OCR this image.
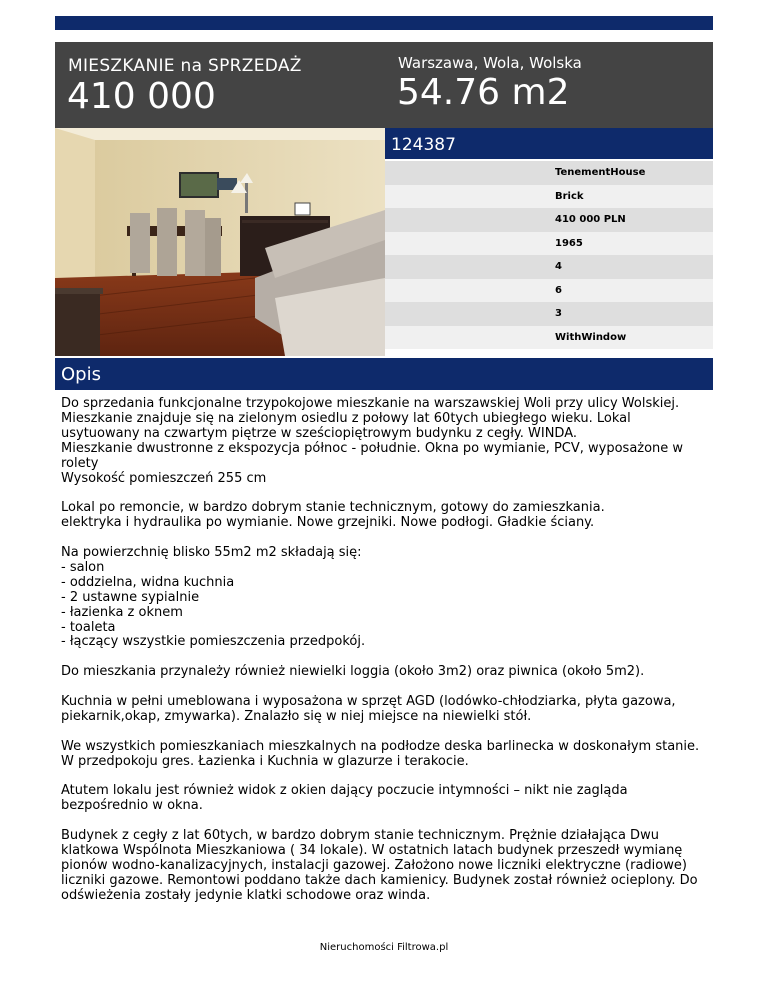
MIESZKANIE na SPRZEDAŻ
410 000
Warszawa, Wola, Wolska
54.76 m2
124387
TenementHouse
Brick
410 000 PLN
1965
4
6
3
WithWindow
Opis

Do sprzedania funkcjonalne trzypokojowe mieszkanie na warszawskiej Woli przy ulicy Wolskiej.
Mieszkanie znajduje się na zielonym osiedlu z połowy lat 60tych ubiegłego wieku. Lokal usytuowany na czwartym piętrze w sześciopiętrowym budynku z cegły. WINDA.
Mieszkanie dwustronne z ekspozycja północ - południe. Okna po wymianie, PCV, wyposażone w rolety
Wysokość pomieszczeń 255 cm

Lokal po remoncie, w bardzo dobrym stanie technicznym, gotowy do zamieszkania.
elektryka i hydraulika po wymianie. Nowe grzejniki. Nowe podłogi. Gładkie ściany.

Na powierzchnię blisko 55m2 m2 składają się:
- salon
- oddzielna, widna kuchnia
- 2 ustawne sypialnie
- łazienka z oknem
- toaleta
- łączący wszystkie pomieszczenia przedpokój.

Do mieszkania przynależy również niewielki loggia (około 3m2) oraz piwnica (około 5m2).

Kuchnia w pełni umeblowana i wyposażona w sprzęt AGD (lodówko-chłodziarka, płyta gazowa, piekarnik,okap, zmywarka). Znalazło się w niej miejsce na niewielki stół.

We wszystkich pomieszkaniach mieszkalnych na podłodze deska barlinecka w doskonałym stanie. W przedpokoju gres. Łazienka i Kuchnia w glazurze i terakocie.

Atutem lokalu jest również widok z okien dający poczucie intymności – nikt nie zagląda bezpośrednio w okna.

Budynek z cegły z lat 60tych, w bardzo dobrym stanie technicznym. Prężnie działająca Dwu klatkowa Wspólnota Mieszkaniowa ( 34 lokale). W ostatnich latach budynek przeszedł wymianę pionów wodno-kanalizacyjnych, instalacji gazowej. Założono nowe liczniki elektryczne (radiowe) liczniki gazowe. Remontowi poddano także dach kamienicy. Budynek został również ocieplony. Do odświeżenia zostały jedynie klatki schodowe oraz winda.

Nieruchomości Filtrowa.pl
